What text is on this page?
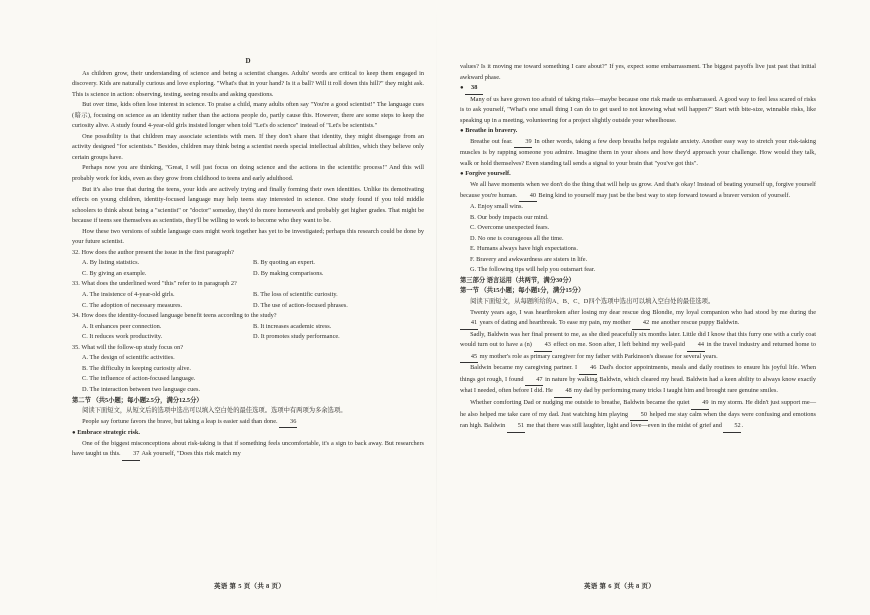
D

As children grow, their understanding of science and being a scientist changes. Adults' words are critical to keep them engaged in discovery. Kids are naturally curious and love exploring. "What's that in your hand? Is it a ball? Will it roll down this hill?" they might ask. This is science in action: observing, testing, seeing results and asking questions.

But over time, kids often lose interest in science. To praise a child, many adults often say "You're a good scientist!" The language cues (暗示), focusing on science as an identity rather than the actions people do, partly cause this. However, there are some steps to keep the curiosity alive. A study found 4-year-old girls insisted longer when told "Let's do science" instead of "Let's be scientists."

One possibility is that children may associate scientists with men. If they don't share that identity, they might disengage from an activity designed "for scientists." Besides, children may think being a scientist needs special intellectual abilities, which they believe only certain groups have.

Perhaps now you are thinking, "Great, I will just focus on doing science and the actions in the scientific process!" And this will probably work for kids, even as they grow from childhood to teens and early adulthood.

But it's also true that during the teens, your kids are actively trying and finally forming their own identities. Unlike its demotivating effects on young children, identity-focused language may help teens stay interested in science. One study found if you told middle schoolers to think about being a "scientist" or "doctor" someday, they'd do more homework and probably get higher grades. That might be because if teens see themselves as scientists, they'll be willing to work to become who they want to be.

How these two versions of subtle language cues might work together has yet to be investigated; perhaps this research could be done by your future scientist.

32. How does the author present the issue in the first paragraph?

A. By listing statistics.	B. By quoting an expert.

C. By giving an example.	D. By making comparisons.

33. What does the underlined word "this" refer to in paragraph 2?

A. The insistence of 4-year-old girls.	B. The loss of scientific curiosity.

C. The adoption of necessary measures.	D. The use of action-focused phrases.

34. How does the identity-focused language benefit teens according to the study?

A. It enhances peer connection.	B. It increases academic stress.

C. It reduces work productivity.	D. It promotes study performance.

35. What will the follow-up study focus on?

A. The design of scientific activities.

B. The difficulty in keeping curiosity alive.

C. The influence of action-focused language.

D. The interaction between two language cues.

第二节 （共5小题；每小题2.5分，满分12.5分）

阅读下面短文，从短文后的选项中选出可以填入空白处的最佳选项。选项中有两项为多余选项。

People say fortune favors the brave, but taking a leap is easier said than done. 36

● Embrace strategic risk.

One of the biggest misconceptions about risk-taking is that if something feels uncomfortable, it's a sign to back away. But researchers have taught us this. 37 Ask yourself, "Does this risk match my

英语 第 5 页（共 8 页）

values? Is it moving me toward something I care about?" If yes, expect some embarrassment. The biggest payoffs live just past that initial awkward phase.

● 38

Many of us have grown too afraid of taking risks—maybe because one risk made us embarrassed. A good way to feel less scared of risks is to ask yourself, "What's one small thing I can do to get used to not knowing what will happen?" Start with bite-size, winnable risks, like speaking up in a meeting, volunteering for a project slightly outside your wheelhouse.

● Breathe in bravery.

Breathe out fear. 39 In other words, taking a few deep breaths helps regulate anxiety. Another easy way to stretch your risk-taking muscles is by rapping someone you admire. Imagine them in your shoes and how they'd approach your challenge. How would they talk, walk or hold themselves? Even standing tall sends a signal to your brain that "you've got this".

● Forgive yourself.

We all have moments when we don't do the thing that will help us grow. And that's okay! Instead of beating yourself up, forgive yourself because you're human. 40 Being kind to yourself may just be the best way to step forward toward a braver version of yourself.

A. Enjoy small wins.

B. Our body impacts our mind.

C. Overcome unexpected fears.

D. No one is courageous all the time.

E. Humans always have high expectations.

F. Bravery and awkwardness are sisters in life.

G. The following tips will help you outsmart fear.

第三部分 语言运用（共两节，满分30分）

第一节 （共15小题；每小题1分，满分15分）

阅读下面短文，从每题所给的A、B、C、D四个选项中选出可以填入空白处的最佳选项。

Twenty years ago, I was heartbroken after losing my dear rescue dog Blondie, my loyal companion who had stood by me during the 41 years of dating and heartbreak. To ease my pain, my mother 42 me another rescue puppy Baldwin.

Sadly, Baldwin was her final present to me, as she died peacefully six months later. Little did I know that this furry one with a curly coat would turn out to have a (n) 43 effect on me. Soon after, I left behind my well-paid 44 in the travel industry and returned home to 45 my mother's role as primary caregiver for my father with Parkinson's disease for several years.

Baldwin became my caregiving partner. I 46 Dad's doctor appointments, meals and daily routines to ensure his joyful life. When things got rough, I found 47 in nature by walking Baldwin, which cleared my head. Baldwin had a keen ability to always know exactly what I needed, often before I did. He 48 my dad by performing many tricks I taught him and brought rare genuine smiles.

Whether comforting Dad or nudging me outside to breathe, Baldwin became the quiet 49 in my storm. He didn't just support me—he also helped me take care of my dad. Just watching him playing 50 helped me stay calm when the days were confusing and emotions ran high. Baldwin 51 me that there was still laughter, light and love—even in the midst of grief and 52.

英语 第 6 页（共 8 页）
